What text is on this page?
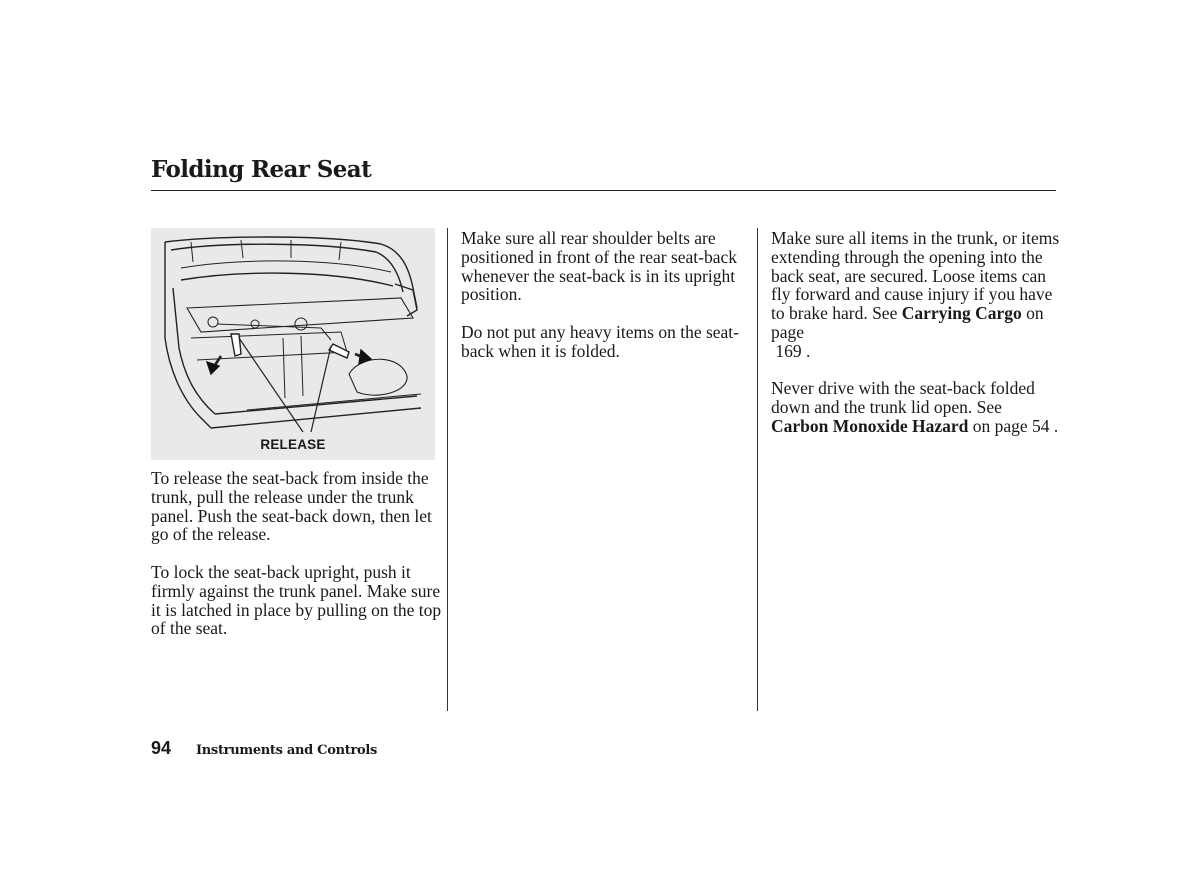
Folding Rear Seat
RELEASE

To release the seat-back from inside the trunk, pull the release under the trunk panel. Push the seat-back down, then let go of the release.

To lock the seat-back upright, push it firmly against the trunk panel. Make sure it is latched in place by pulling on the top of the seat.

Make sure all rear shoulder belts are positioned in front of the rear seat-back whenever the seat-back is in its upright position.

Do not put any heavy items on the seat-back when it is folded.

Make sure all items in the trunk, or items extending through the opening into the back seat, are secured. Loose items can fly forward and cause injury if you have to brake hard. See Carrying Cargo on page
169 .

Never drive with the seat-back folded down and the trunk lid open. See Carbon Monoxide Hazard on page 54 .

94 Instruments and Controls
